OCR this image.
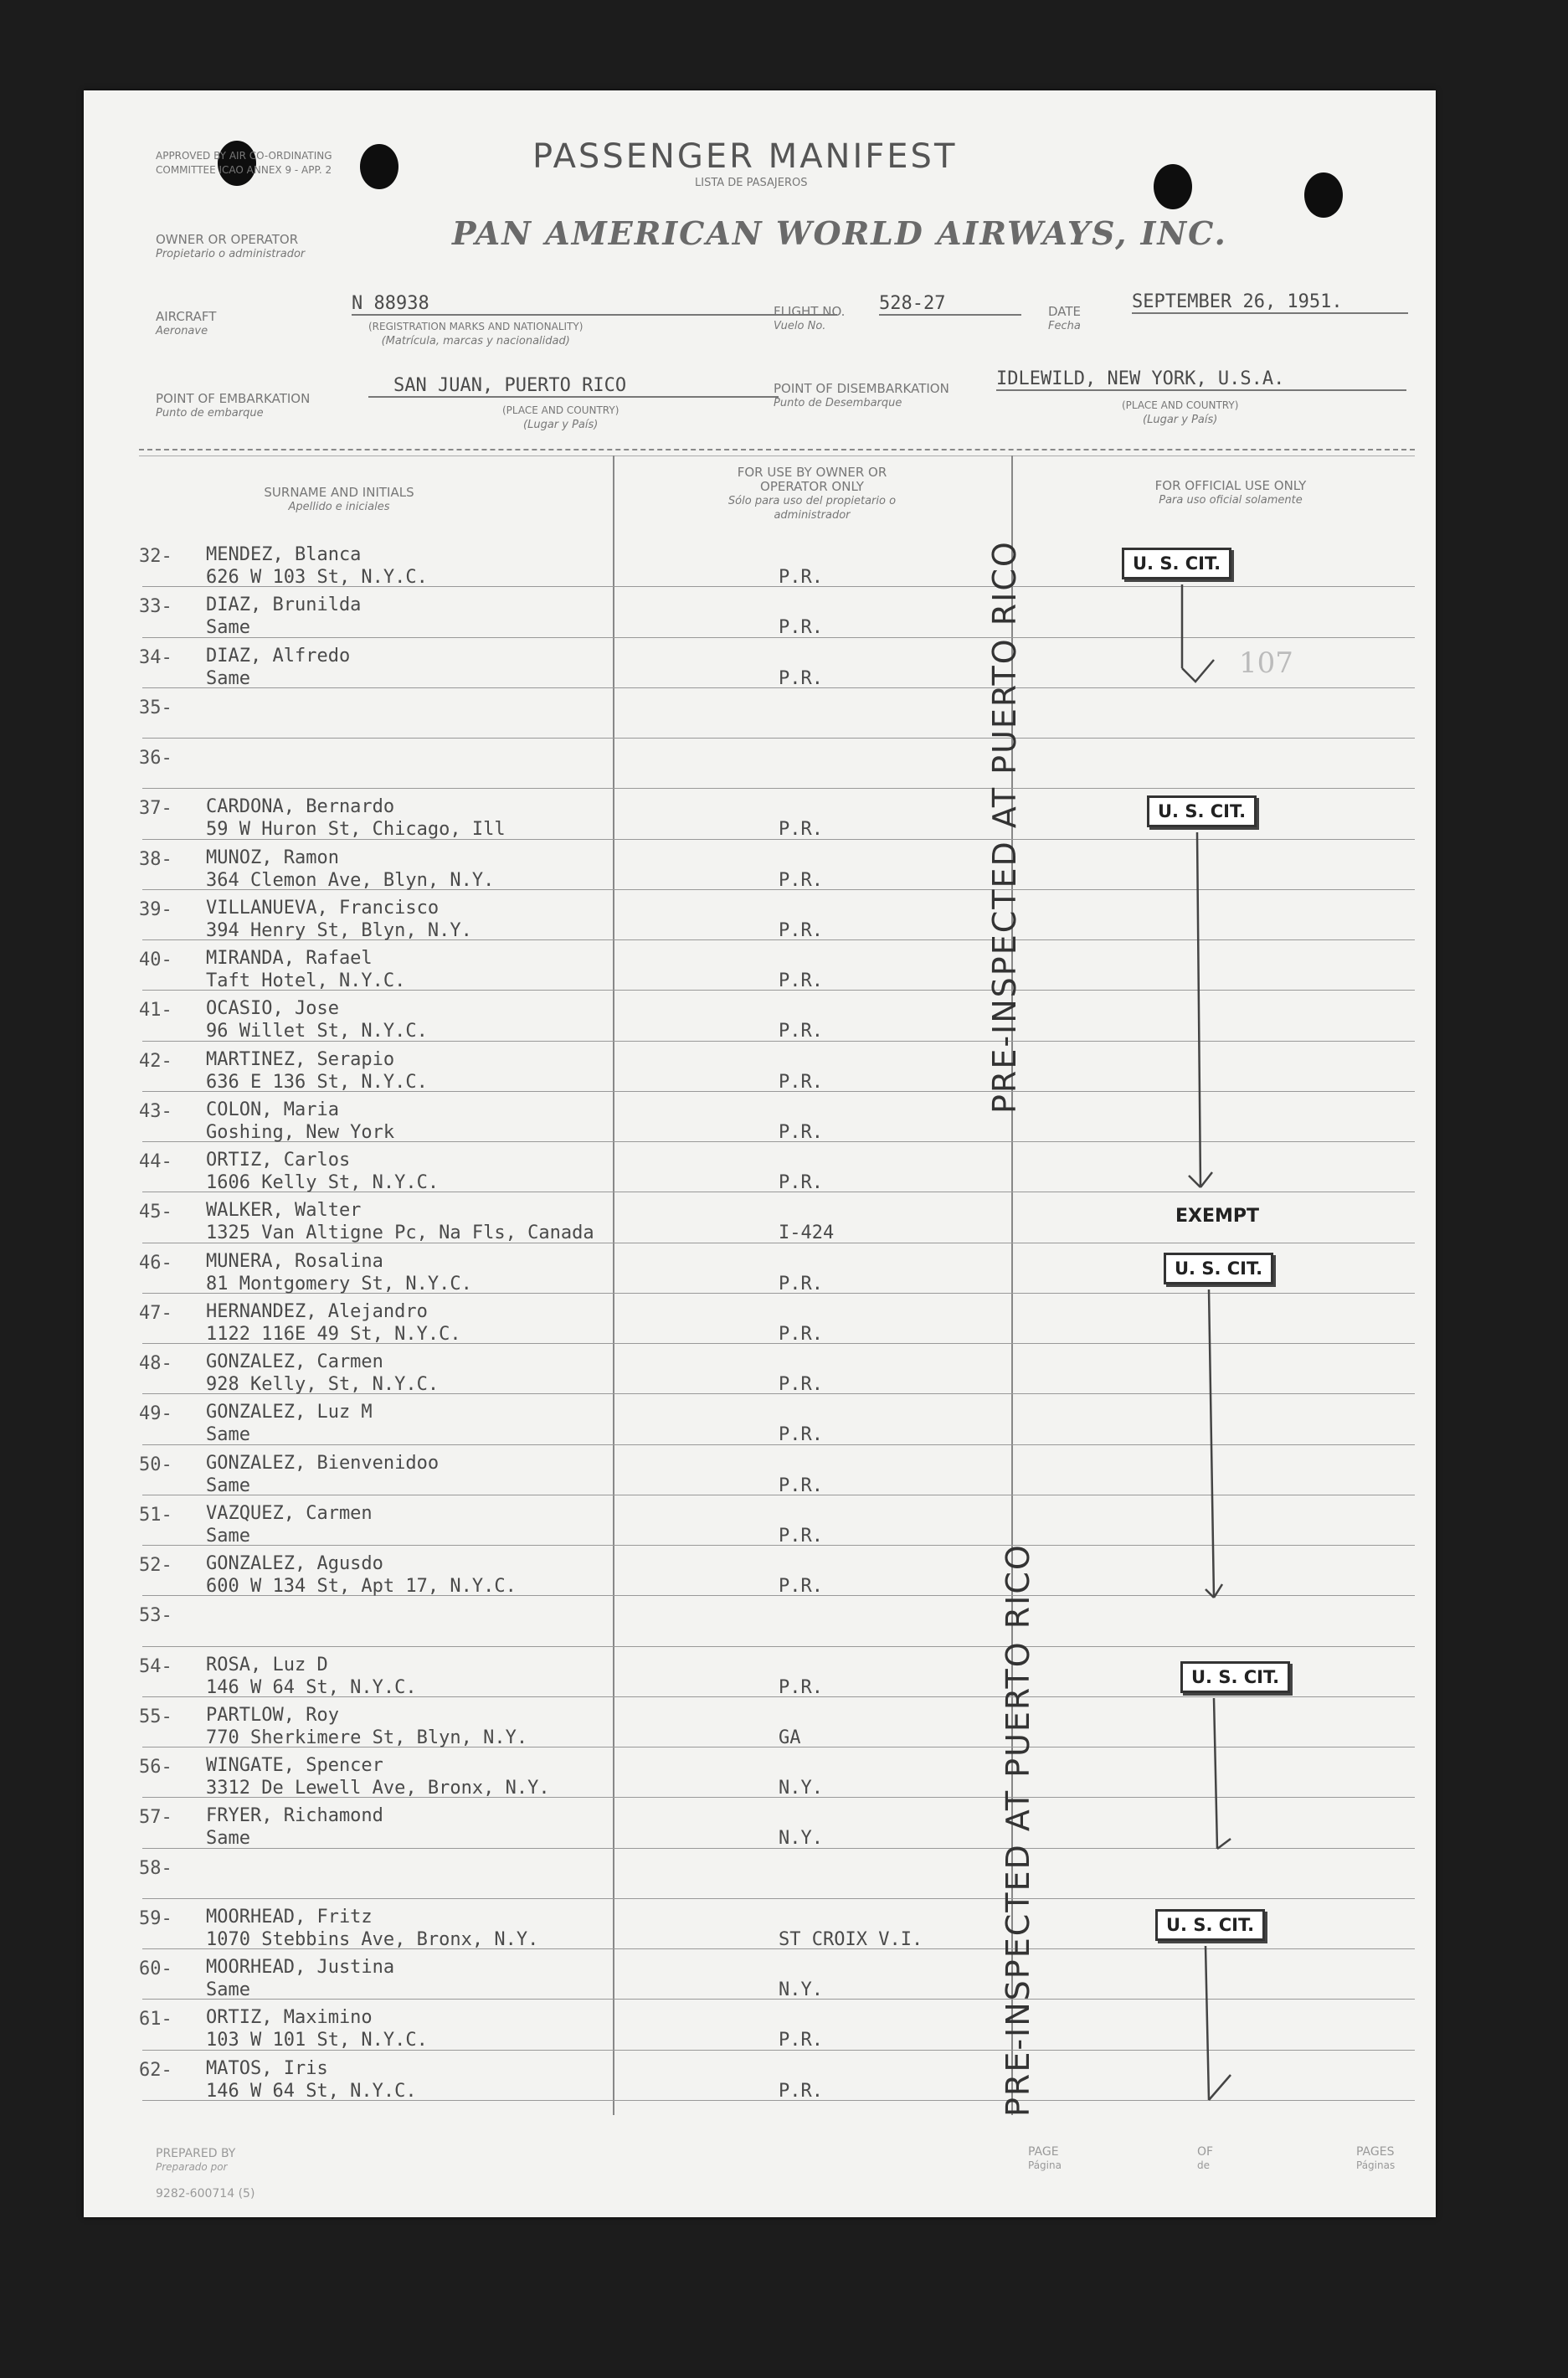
APPROVED BY AIR CO-ORDINATING COMMITTEE ICAO ANNEX 9 - APP. 2	PASSENGER MANIFEST
LISTA DE PASAJEROS
OWNER OR OPERATOR
Propietario o administrador
PAN AMERICAN WORLD AIRWAYS, INC.
AIRCRAFT
Aeronave
N 88938
(REGISTRATION MARKS AND NATIONALITY)
(Matrícula, marcas y nacionalidad)
FLIGHT NO.
Vuelo No.
528-27	DATE
Fecha
SEPTEMBER 26, 1951.
POINT OF EMBARKATION
Punto de embarque
SAN JUAN, PUERTO RICO
(PLACE AND COUNTRY)
(Lugar y País)
POINT OF DISEMBARKATION
Punto de Desembarque
IDLEWILD, NEW YORK, U.S.A.
(PLACE AND COUNTRY)
(Lugar y País)
SURNAME AND INITIALS
Apellido e iniciales
FOR USE BY OWNER OR OPERATOR ONLY
Sólo para uso del propietario o administrador
FOR OFFICIAL USE ONLY
Para uso oficial solamente
32-	MENDEZ, Blanca
626 W 103 St, N.Y.C.	P.R.
33-	DIAZ, Brunilda
Same	P.R.
34-	DIAZ, Alfredo
Same	P.R.
35-
36-
37-	CARDONA, Bernardo
59 W Huron St, Chicago, Ill	P.R.
38-	MUNOZ, Ramon
364 Clemon Ave, Blyn, N.Y.	P.R.
39-	VILLANUEVA, Francisco
394 Henry St, Blyn, N.Y.	P.R.
40-	MIRANDA, Rafael
Taft Hotel, N.Y.C.	P.R.
41-	OCASIO, Jose
96 Willet St, N.Y.C.	P.R.
42-	MARTINEZ, Serapio
636 E 136 St, N.Y.C.	P.R.
43-	COLON, Maria
Goshing, New York	P.R.
44-	ORTIZ, Carlos
1606 Kelly St, N.Y.C.	P.R.
45-	WALKER, Walter
1325 Van Altigne Pc, Na Fls, Canada	I-424
46-	MUNERA, Rosalina
81 Montgomery St, N.Y.C.	P.R.
47-	HERNANDEZ, Alejandro
1122 116E 49 St, N.Y.C.	P.R.
48-	GONZALEZ, Carmen
928 Kelly, St, N.Y.C.	P.R.
49-	GONZALEZ, Luz M
Same	P.R.
50-	GONZALEZ, Bienvenidoo
Same	P.R.
51-	VAZQUEZ, Carmen
Same	P.R.
52-	GONZALEZ, Agusdo
600 W 134 St, Apt 17, N.Y.C.	P.R.
53-
54-	ROSA, Luz D
146 W 64 St, N.Y.C.	P.R.
55-	PARTLOW, Roy
770 Sherkimere St, Blyn, N.Y.	GA
56-	WINGATE, Spencer
3312 De Lewell Ave, Bronx, N.Y.	N.Y.
57-	FRYER, Richamond
Same	N.Y.
58-
59-	MOORHEAD, Fritz
1070 Stebbins Ave, Bronx, N.Y.	ST CROIX V.I.
60-	MOORHEAD, Justina
Same	N.Y.
61-	ORTIZ, Maximino
103 W 101 St, N.Y.C.	P.R.
62-	MATOS, Iris
146 W 64 St, N.Y.C.	P.R.
PRE-INSPECTED AT PUERTO RICO
PRE-INSPECTED AT PUERTO RICO
U. S. CIT.
U. S. CIT.
EXEMPT
U. S. CIT.
U. S. CIT.
U. S. CIT.
107
PREPARED BY
Preparado por
9282-600714 (5)
PAGE
Página
OF
de
PAGES
Páginas
